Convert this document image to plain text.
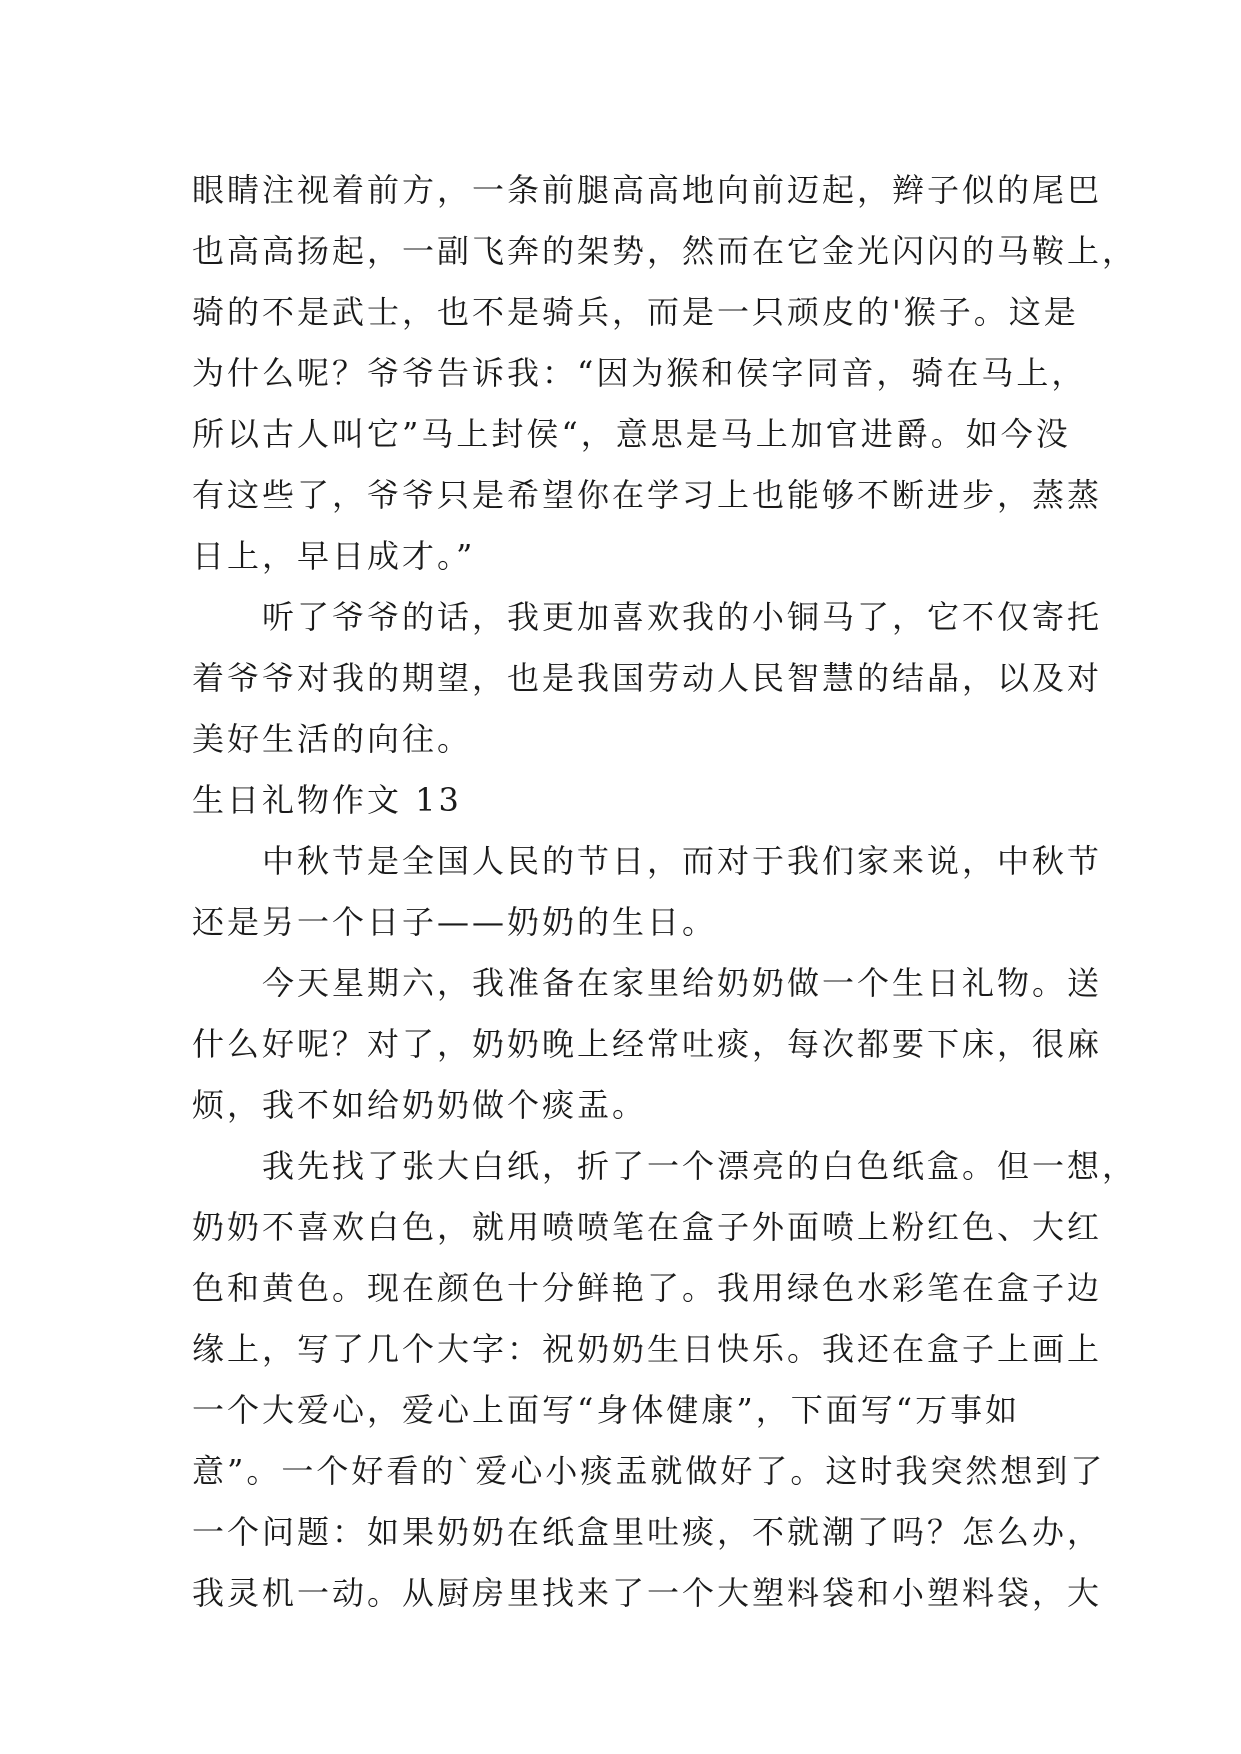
眼睛注视着前方，一条前腿高高地向前迈起，辫子似的尾巴
也高高扬起，一副飞奔的架势，然而在它金光闪闪的马鞍上，
骑的不是武士，也不是骑兵，而是一只顽皮的'猴子。这是
为什么呢？爷爷告诉我：“因为猴和侯字同音，骑在马上，
所以古人叫它”马上封侯“，意思是马上加官进爵。如今没
有这些了，爷爷只是希望你在学习上也能够不断进步，蒸蒸
日上，早日成才。”
　　听了爷爷的话，我更加喜欢我的小铜马了，它不仅寄托
着爷爷对我的期望，也是我国劳动人民智慧的结晶，以及对
美好生活的向往。
生日礼物作文 13
　　中秋节是全国人民的节日，而对于我们家来说，中秋节
还是另一个日子——奶奶的生日。
　　今天星期六，我准备在家里给奶奶做一个生日礼物。送
什么好呢？对了，奶奶晚上经常吐痰，每次都要下床，很麻
烦，我不如给奶奶做个痰盂。
　　我先找了张大白纸，折了一个漂亮的白色纸盒。但一想，
奶奶不喜欢白色，就用喷喷笔在盒子外面喷上粉红色、大红
色和黄色。现在颜色十分鲜艳了。我用绿色水彩笔在盒子边
缘上，写了几个大字：祝奶奶生日快乐。我还在盒子上画上
一个大爱心，爱心上面写“身体健康”，下面写“万事如
意”。一个好看的`爱心小痰盂就做好了。这时我突然想到了
一个问题：如果奶奶在纸盒里吐痰，不就潮了吗？怎么办，
我灵机一动。从厨房里找来了一个大塑料袋和小塑料袋，大
